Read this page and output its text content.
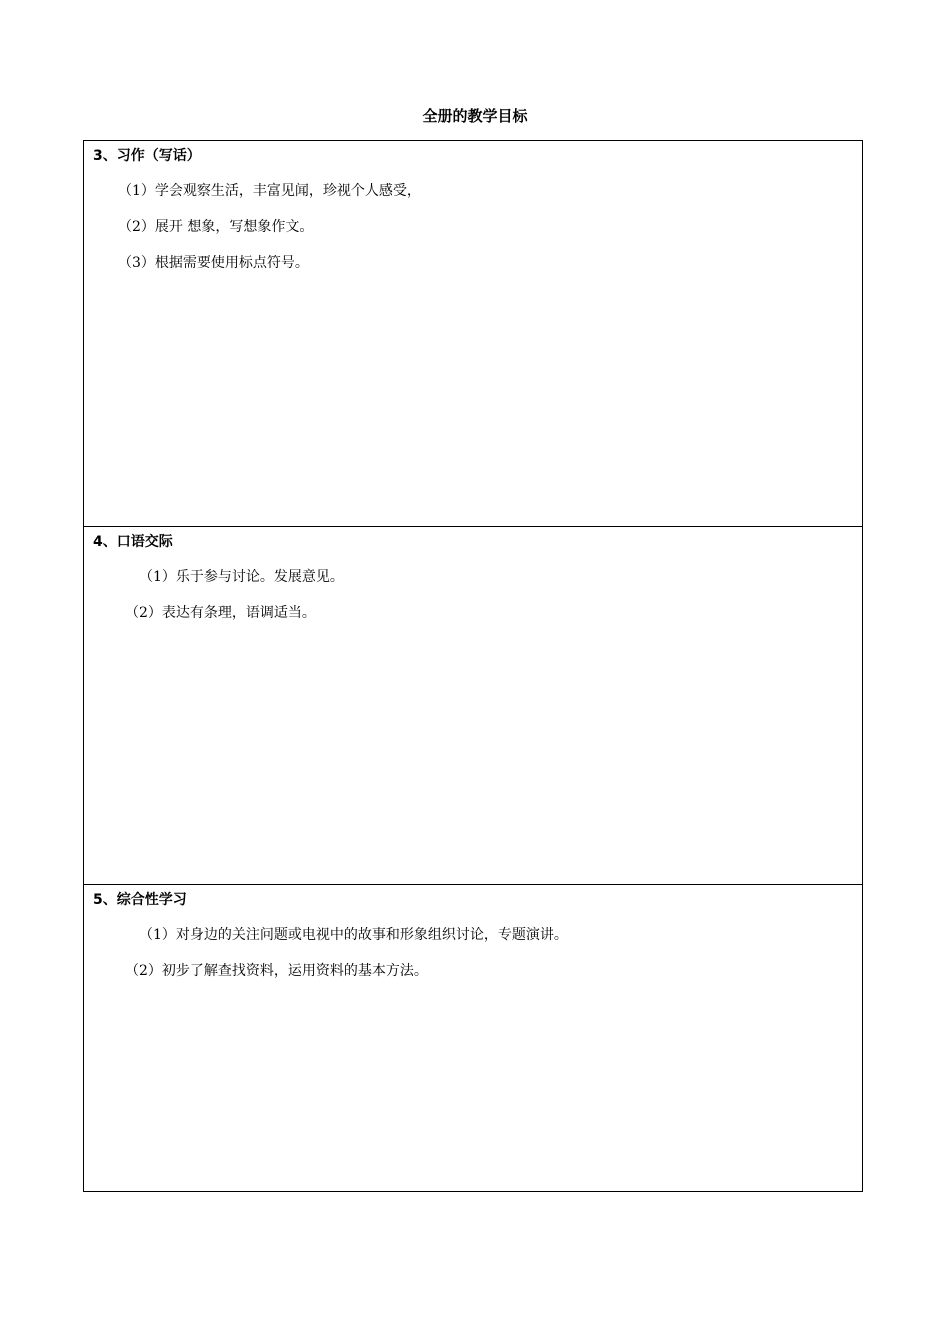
全册的教学目标
3、习作（写话）
（1）学会观察生活，丰富见闻，珍视个人感受，
（2）展开 想象，写想象作文。
（3）根据需要使用标点符号。
4、口语交际
（1）乐于参与讨论。发展意见。
（2）表达有条理，语调适当。
5、综合性学习
（1）对身边的关注问题或电视中的故事和形象组织讨论，专题演讲。
（2）初步了解查找资料，运用资料的基本方法。
